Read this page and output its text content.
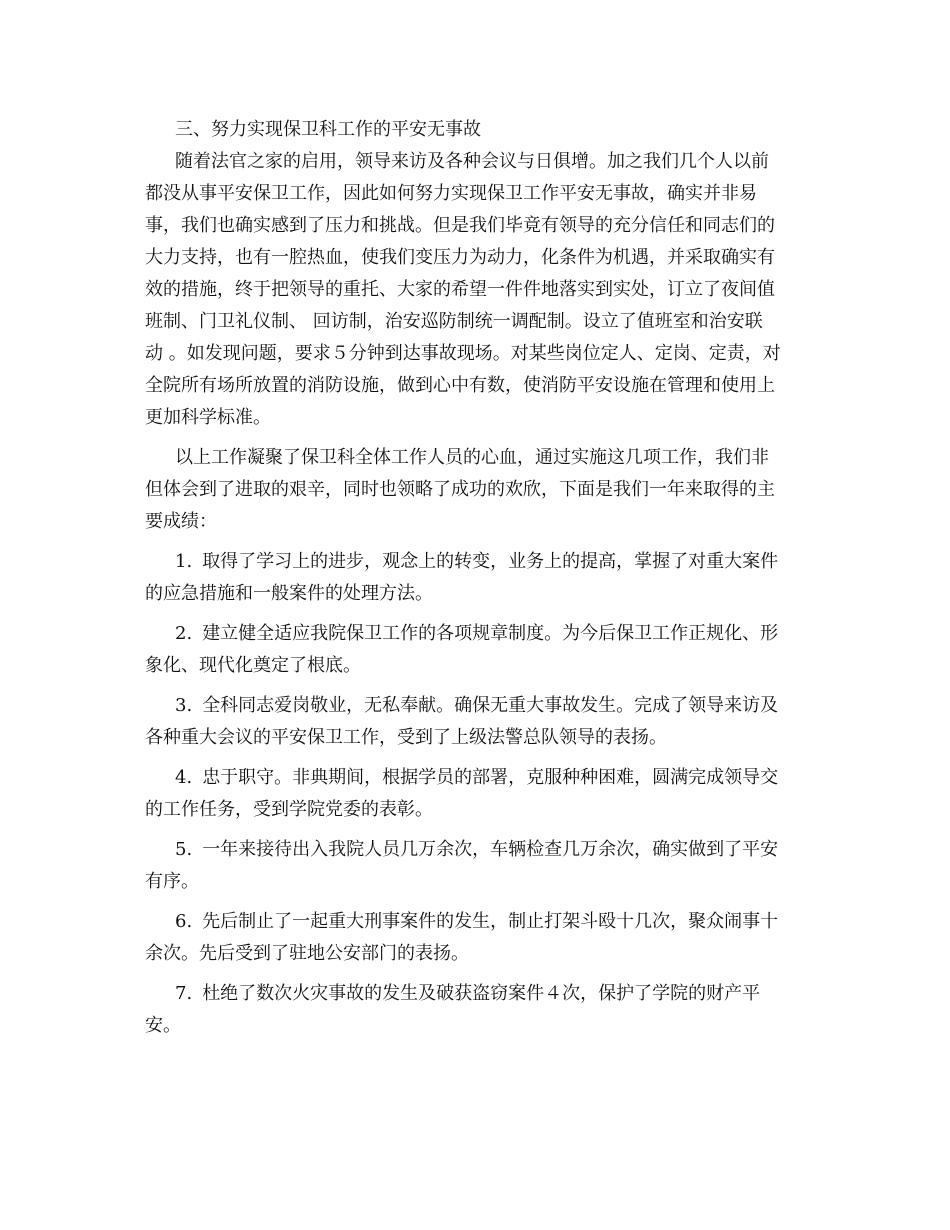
三、努力实现保卫科工作的平安无事故

随着法官之家的启用，领导来访及各种会议与日俱增。加之我们几个人以前
都没从事平安保卫工作，因此如何努力实现保卫工作平安无事故，确实并非易
事，我们也确实感到了压力和挑战。但是我们毕竟有领导的充分信任和同志们的
大力支持，也有一腔热血，使我们变压力为动力，化条件为机遇，并采取确实有
效的措施，终于把领导的重托、大家的希望一件件地落实到实处，订立了夜间值
班制、门卫礼仪制、 回访制，治安巡防制统一调配制。设立了值班室和治安联
动 。如发现问题，要求５分钟到达事故现场。对某些岗位定人、定岗、定责，对
全院所有场所放置的消防设施，做到心中有数，使消防平安设施在管理和使用上
更加科学标准。

以上工作凝聚了保卫科全体工作人员的心血，通过实施这几项工作，我们非
但体会到了进取的艰辛，同时也领略了成功的欢欣，下面是我们一年来取得的主
要成绩：

1. 取得了学习上的进步，观念上的转变，业务上的提高，掌握了对重大案件
的应急措施和一般案件的处理方法。

2. 建立健全适应我院保卫工作的各项规章制度。为今后保卫工作正规化、形
象化、现代化奠定了根底。

3. 全科同志爱岗敬业，无私奉献。确保无重大事故发生。完成了领导来访及
各种重大会议的平安保卫工作，受到了上级法警总队领导的表扬。

4. 忠于职守。非典期间，根据学员的部署，克服种种困难，圆满完成领导交
的工作任务，受到学院党委的表彰。

5. 一年来接待出入我院人员几万余次，车辆检查几万余次，确实做到了平安
有序。

6. 先后制止了一起重大刑事案件的发生，制止打架斗殴十几次，聚众闹事十
余次。先后受到了驻地公安部门的表扬。

7. 杜绝了数次火灾事故的发生及破获盗窃案件４次，保护了学院的财产平
安。
